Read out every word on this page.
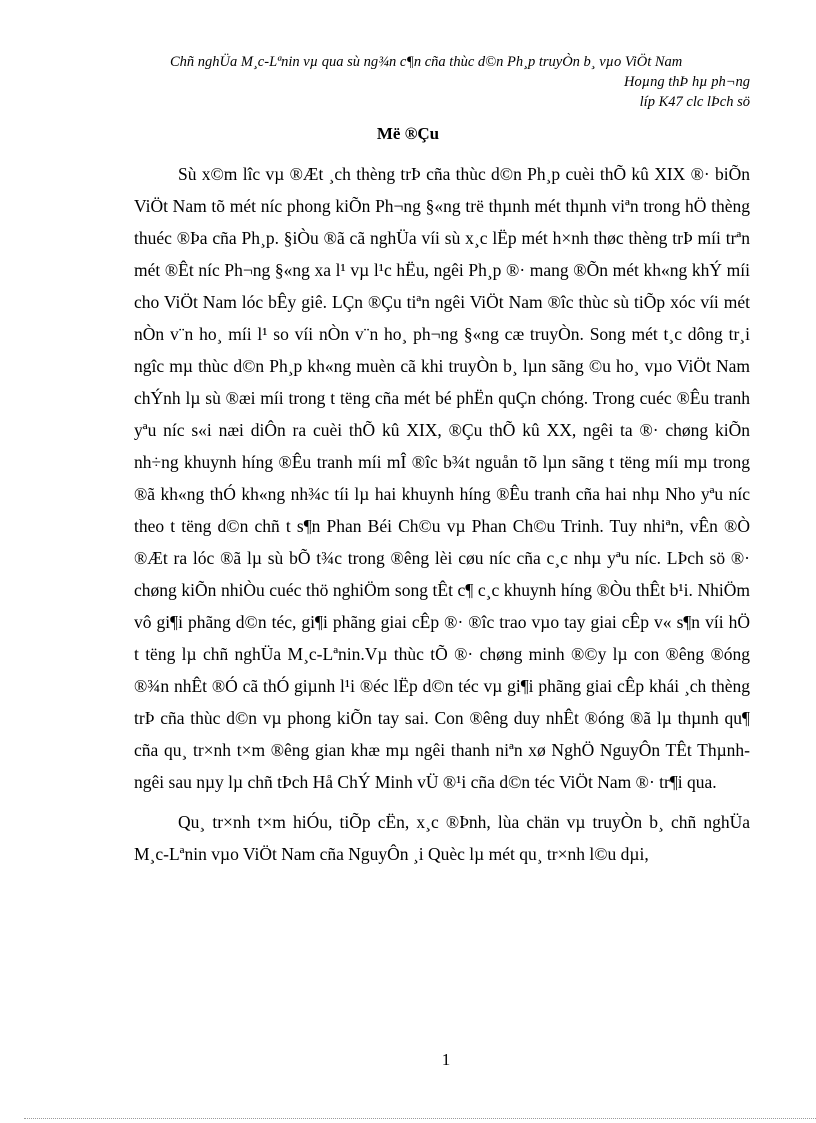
Chñ nghÜa M¸c-Lªnin vµ qua sù ng¾n c¶n cña thùc d©n Ph¸p truyÒn b¸ vµo ViÖt Nam
Hoµng thÞ hµ ph¬ng
líp K47 clc lÞch sö
Më ®Çu

Sù x©m lîc vµ ®Æt ¸ch thèng trÞ cña thùc d©n Ph¸p cuèi thÕ kû XIX ®· biÕn ViÖt Nam tõ mét níc phong kiÕn Ph¬ng §«ng trë thµnh mét thµnh viªn trong hÖ thèng thuéc ®Þa cña Ph¸p. §iÒu ®ã cã nghÜa víi sù x¸c lËp mét h×nh thøc thèng trÞ míi trªn mét ®Êt níc Ph¬ng §«ng xa l¹ vµ l¹c hËu, ngêi Ph¸p ®· mang ®Õn mét kh«ng khÝ míi cho ViÖt Nam lóc bÊy giê. LÇn ®Çu tiªn ngêi ViÖt Nam ®îc thùc sù tiÕp xóc víi mét nÒn v¨n ho¸ míi l¹ so víi nÒn v¨n ho¸ ph¬ng §«ng cæ truyÒn. Song mét t¸c dông tr¸i ngîc mµ thùc d©n Ph¸p kh«ng muèn cã khi truyÒn b¸ lµn sãng ©u ho¸ vµo ViÖt Nam chÝnh lµ sù ®æi míi trong t tëng cña mét bé phËn quÇn chóng. Trong cuéc ®Êu tranh yªu níc s«i næi diÔn ra cuèi thÕ kû XIX, ®Çu thÕ kû XX, ngêi ta ®· chøng kiÕn nh÷ng khuynh híng ®Êu tranh míi mÎ ®îc b¾t nguån tõ lµn sãng t tëng míi mµ trong ®ã kh«ng thÓ kh«ng nh¾c tíi lµ hai khuynh híng ®Êu tranh cña hai nhµ Nho yªu níc theo t tëng d©n chñ t s¶n Phan Béi Ch©u vµ Phan Ch©u Trinh. Tuy nhiªn, vÊn ®Ò ®Æt ra lóc ®ã lµ sù bÕ t¾c trong ®êng lèi cøu níc cña c¸c nhµ yªu níc. LÞch sö ®· chøng kiÕn nhiÒu cuéc thö nghiÖm song tÊt c¶ c¸c khuynh híng ®Òu thÊt b¹i. NhiÖm vô gi¶i phãng d©n téc, gi¶i phãng giai cÊp ®· ®îc trao vµo tay giai cÊp v« s¶n víi hÖ t tëng lµ chñ nghÜa M¸c-Lªnin.Vµ thùc tÕ ®· chøng minh ®©y lµ con ®êng ®óng ®¾n nhÊt ®Ó cã thÓ giµnh l¹i ®éc lËp d©n téc vµ gi¶i phãng giai cÊp khái ¸ch thèng trÞ cña thùc d©n vµ phong kiÕn tay sai. Con ®êng duy nhÊt ®óng ®ã lµ thµnh qu¶ cña qu¸ tr×nh t×m ®êng gian khæ mµ ngêi thanh niªn xø NghÖ NguyÔn TÊt Thµnh- ngêi sau nµy lµ chñ tÞch Hå ChÝ Minh vÜ ®¹i cña d©n téc ViÖt Nam ®· tr¶i qua.

Qu¸ tr×nh t×m hiÓu, tiÕp cËn, x¸c ®Þnh, lùa chän vµ truyÒn b¸ chñ nghÜa M¸c-Lªnin vµo ViÖt Nam cña NguyÔn ¸i Quèc lµ mét qu¸ tr×nh l©u dµi,

1
